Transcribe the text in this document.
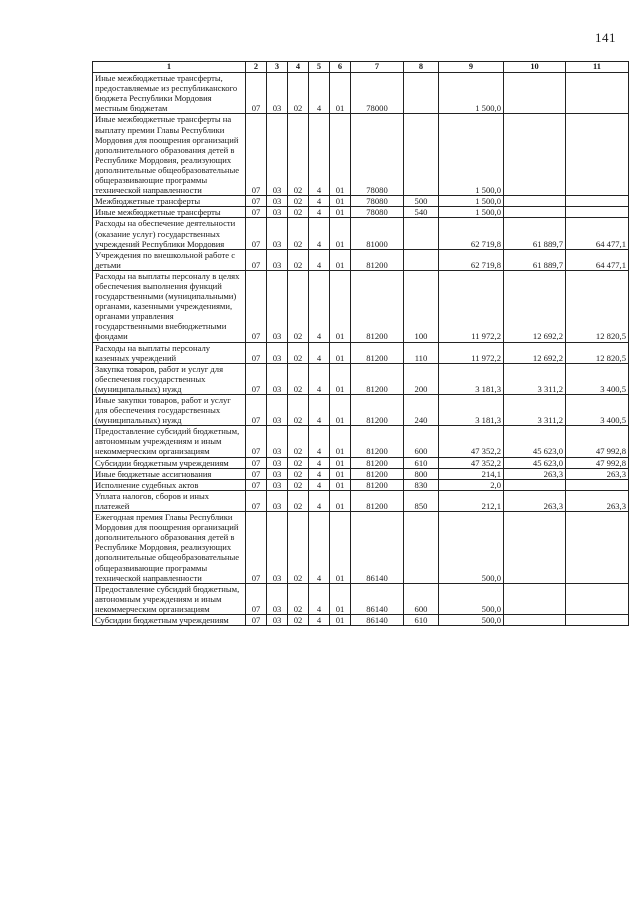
141
1	2	3	4	5	6	7	8	9	10	11
Иные межбюджетные трансферты, предоставляемые из республиканского бюджета Республики Мордовия местным бюджетам	07	03	02	4	01	78000		1 500,0		
Иные межбюджетные трансферты на выплату премии Главы Республики Мордовия для поощрения организаций дополнительного образования детей в Республике Мордовия, реализующих дополнительные общеобразовательные общеразвивающие программы технической направленности	07	03	02	4	01	78080		1 500,0		
Межбюджетные трансферты	07	03	02	4	01	78080	500	1 500,0		
Иные межбюджетные трансферты	07	03	02	4	01	78080	540	1 500,0		
Расходы на обеспечение деятельности (оказание услуг) государственных учреждений Республики Мордовия	07	03	02	4	01	81000		62 719,8	61 889,7	64 477,1
Учреждения по внешкольной работе с детьми	07	03	02	4	01	81200		62 719,8	61 889,7	64 477,1
Расходы на выплаты персоналу в целях обеспечения выполнения функций государственными (муниципальными) органами, казенными учреждениями, органами управления государственными внебюджетными фондами	07	03	02	4	01	81200	100	11 972,2	12 692,2	12 820,5
Расходы на выплаты персоналу казенных учреждений	07	03	02	4	01	81200	110	11 972,2	12 692,2	12 820,5
Закупка товаров, работ и услуг для обеспечения государственных (муниципальных) нужд	07	03	02	4	01	81200	200	3 181,3	3 311,2	3 400,5
Иные закупки товаров, работ и услуг для обеспечения государственных (муниципальных) нужд	07	03	02	4	01	81200	240	3 181,3	3 311,2	3 400,5
Предоставление субсидий бюджетным, автономным учреждениям и иным некоммерческим организациям	07	03	02	4	01	81200	600	47 352,2	45 623,0	47 992,8
Субсидии бюджетным учреждениям	07	03	02	4	01	81200	610	47 352,2	45 623,0	47 992,8
Иные бюджетные ассигнования	07	03	02	4	01	81200	800	214,1	263,3	263,3
Исполнение судебных актов	07	03	02	4	01	81200	830	2,0		
Уплата налогов, сборов и иных платежей	07	03	02	4	01	81200	850	212,1	263,3	263,3
Ежегодная премия Главы Республики Мордовия для поощрения организаций дополнительного образования детей в Республике Мордовия, реализующих дополнительные общеобразовательные общеразвивающие программы технической направленности	07	03	02	4	01	86140		500,0		
Предоставление субсидий бюджетным, автономным учреждениям и иным некоммерческим организациям	07	03	02	4	01	86140	600	500,0		
Субсидии бюджетным учреждениям	07	03	02	4	01	86140	610	500,0		
